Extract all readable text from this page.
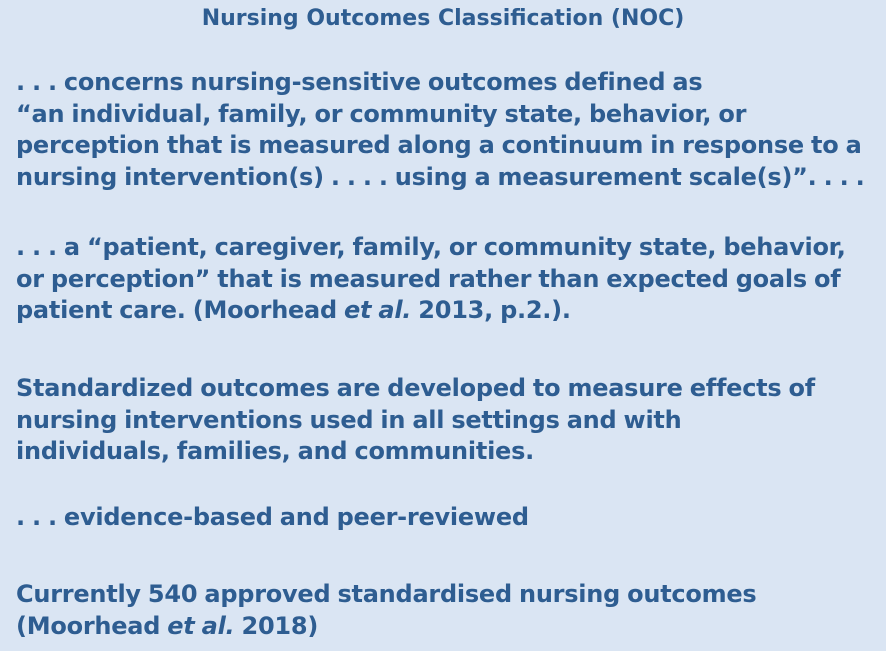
Nursing Outcomes Classification (NOC)
. . . concerns nursing-sensitive outcomes defined as
“an individual, family, or community state, behavior, or
perception that is measured along a continuum in response to a
nursing intervention(s) . . . . using a measurement scale(s)”. . . .
. . . a “patient, caregiver, family, or community state, behavior,
or perception” that is measured rather than expected goals of
patient care. (Moorhead et al. 2013, p.2.).
Standardized outcomes are developed to measure effects of
nursing interventions used in all settings and with
individuals, families, and communities.
. . . evidence-based and peer-reviewed
Currently 540 approved standardised nursing outcomes
(Moorhead et al. 2018)
